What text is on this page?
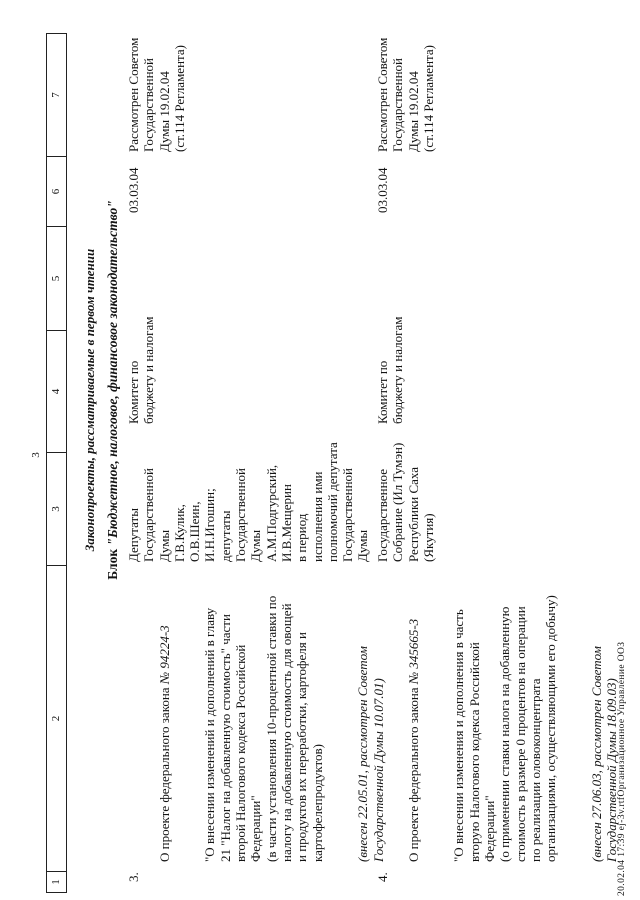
3
1
2
3
4
5
6
7
Законопроекты, рассматриваемые в первом чтении
Блок "Бюджетное, налоговое, финансовое законодательство"
3.

О проекте федерального закона № 94224-3

"О внесении изменений и дополнений в главу
21 "Налог на добавленную стоимость" части
второй Налогового кодекса Российской
Федерации"
(в части установления 10-процентной ставки по
налогу на добавленную стоимость для овощей
и продуктов их переработки, картофеля и
картофелепродуктов)

(внесен 22.05.01, рассмотрен Советом
Государственной Думы 10.07.01)

Депутаты
Государственной
Думы
Г.В.Кулик,
О.В.Шеин,
И.Н.Игошин;
депутаты
Государственной
Думы
А.М.Подгурский,
И.В.Мещерин
в период
исполнения ими
полномочий депутата
Государственной
Думы
Комитет по
бюджету и налогам
03.03.04
Рассмотрен Советом
Государственной
Думы 19.02.04
(ст.114 Регламента)
4.

О проекте федерального закона № 345665-3

"О внесении изменения и дополнения в часть
вторую Налогового кодекса Российской
Федерации"
(о применении ставки налога на добавленную
стоимость в размере 0 процентов на операции
по реализации оловоконцентрата
организациями, осуществляющими его добычу)

(внесен 27.06.03, рассмотрен Советом
Государственной Думы 18.09.03)

Государственное
Собрание (Ил Тумэн)
Республики Саха
(Якутия)
Комитет по
бюджету и налогам
03.03.04
Рассмотрен Советом
Государственной
Думы 19.02.04
(ст.114 Регламента)
20.02.04 17:39 ej-3v.rtfОрганизационное Управление ООЗ
